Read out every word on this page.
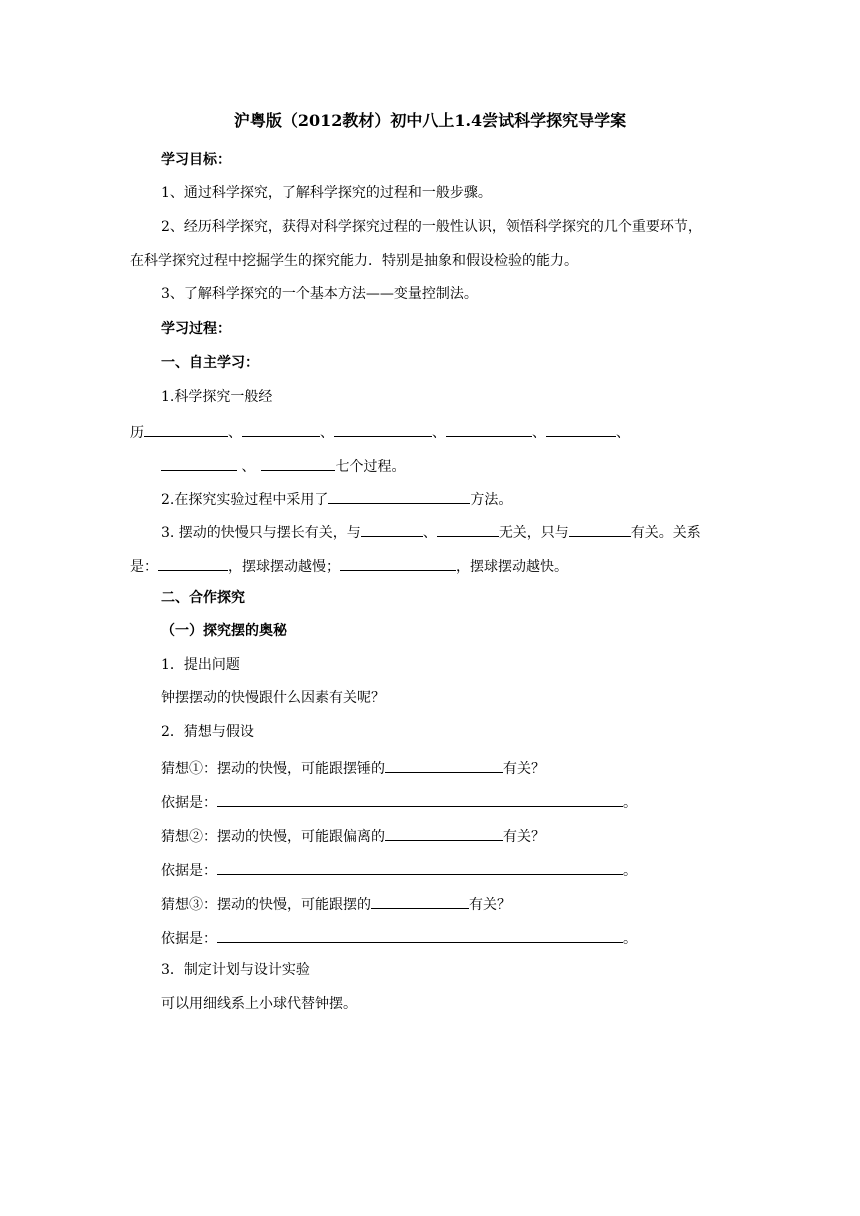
沪粤版（2012教材）初中八上1.4尝试科学探究导学案
学习目标：
1、通过科学探究，了解科学探究的过程和一般步骤。
2、经历科学探究，获得对科学探究过程的一般性认识，领悟科学探究的几个重要环节，
在科学探究过程中挖掘学生的探究能力．特别是抽象和假设检验的能力。
3、了解科学探究的一个基本方法——变量控制法。
学习过程：
一、自主学习：
1.科学探究一般经
历	、	、	、	、	、
、	七个过程。
2.在探究实验过程中采用了	方法。
3. 摆动的快慢只与摆长有关，与	、	无关，只与	有关。关系
是：	，摆球摆动越慢；	，摆球摆动越快。
二、合作探究
（一）探究摆的奥秘
1．提出问题
钟摆摆动的快慢跟什么因素有关呢？
2．猜想与假设
猜想①：摆动的快慢，可能跟摆锤的	有关？
依据是：	。
猜想②：摆动的快慢，可能跟偏离的	有关？
依据是：	。
猜想③：摆动的快慢，可能跟摆的	有关？
依据是：	。
3．制定计划与设计实验
可以用细线系上小球代替钟摆。
